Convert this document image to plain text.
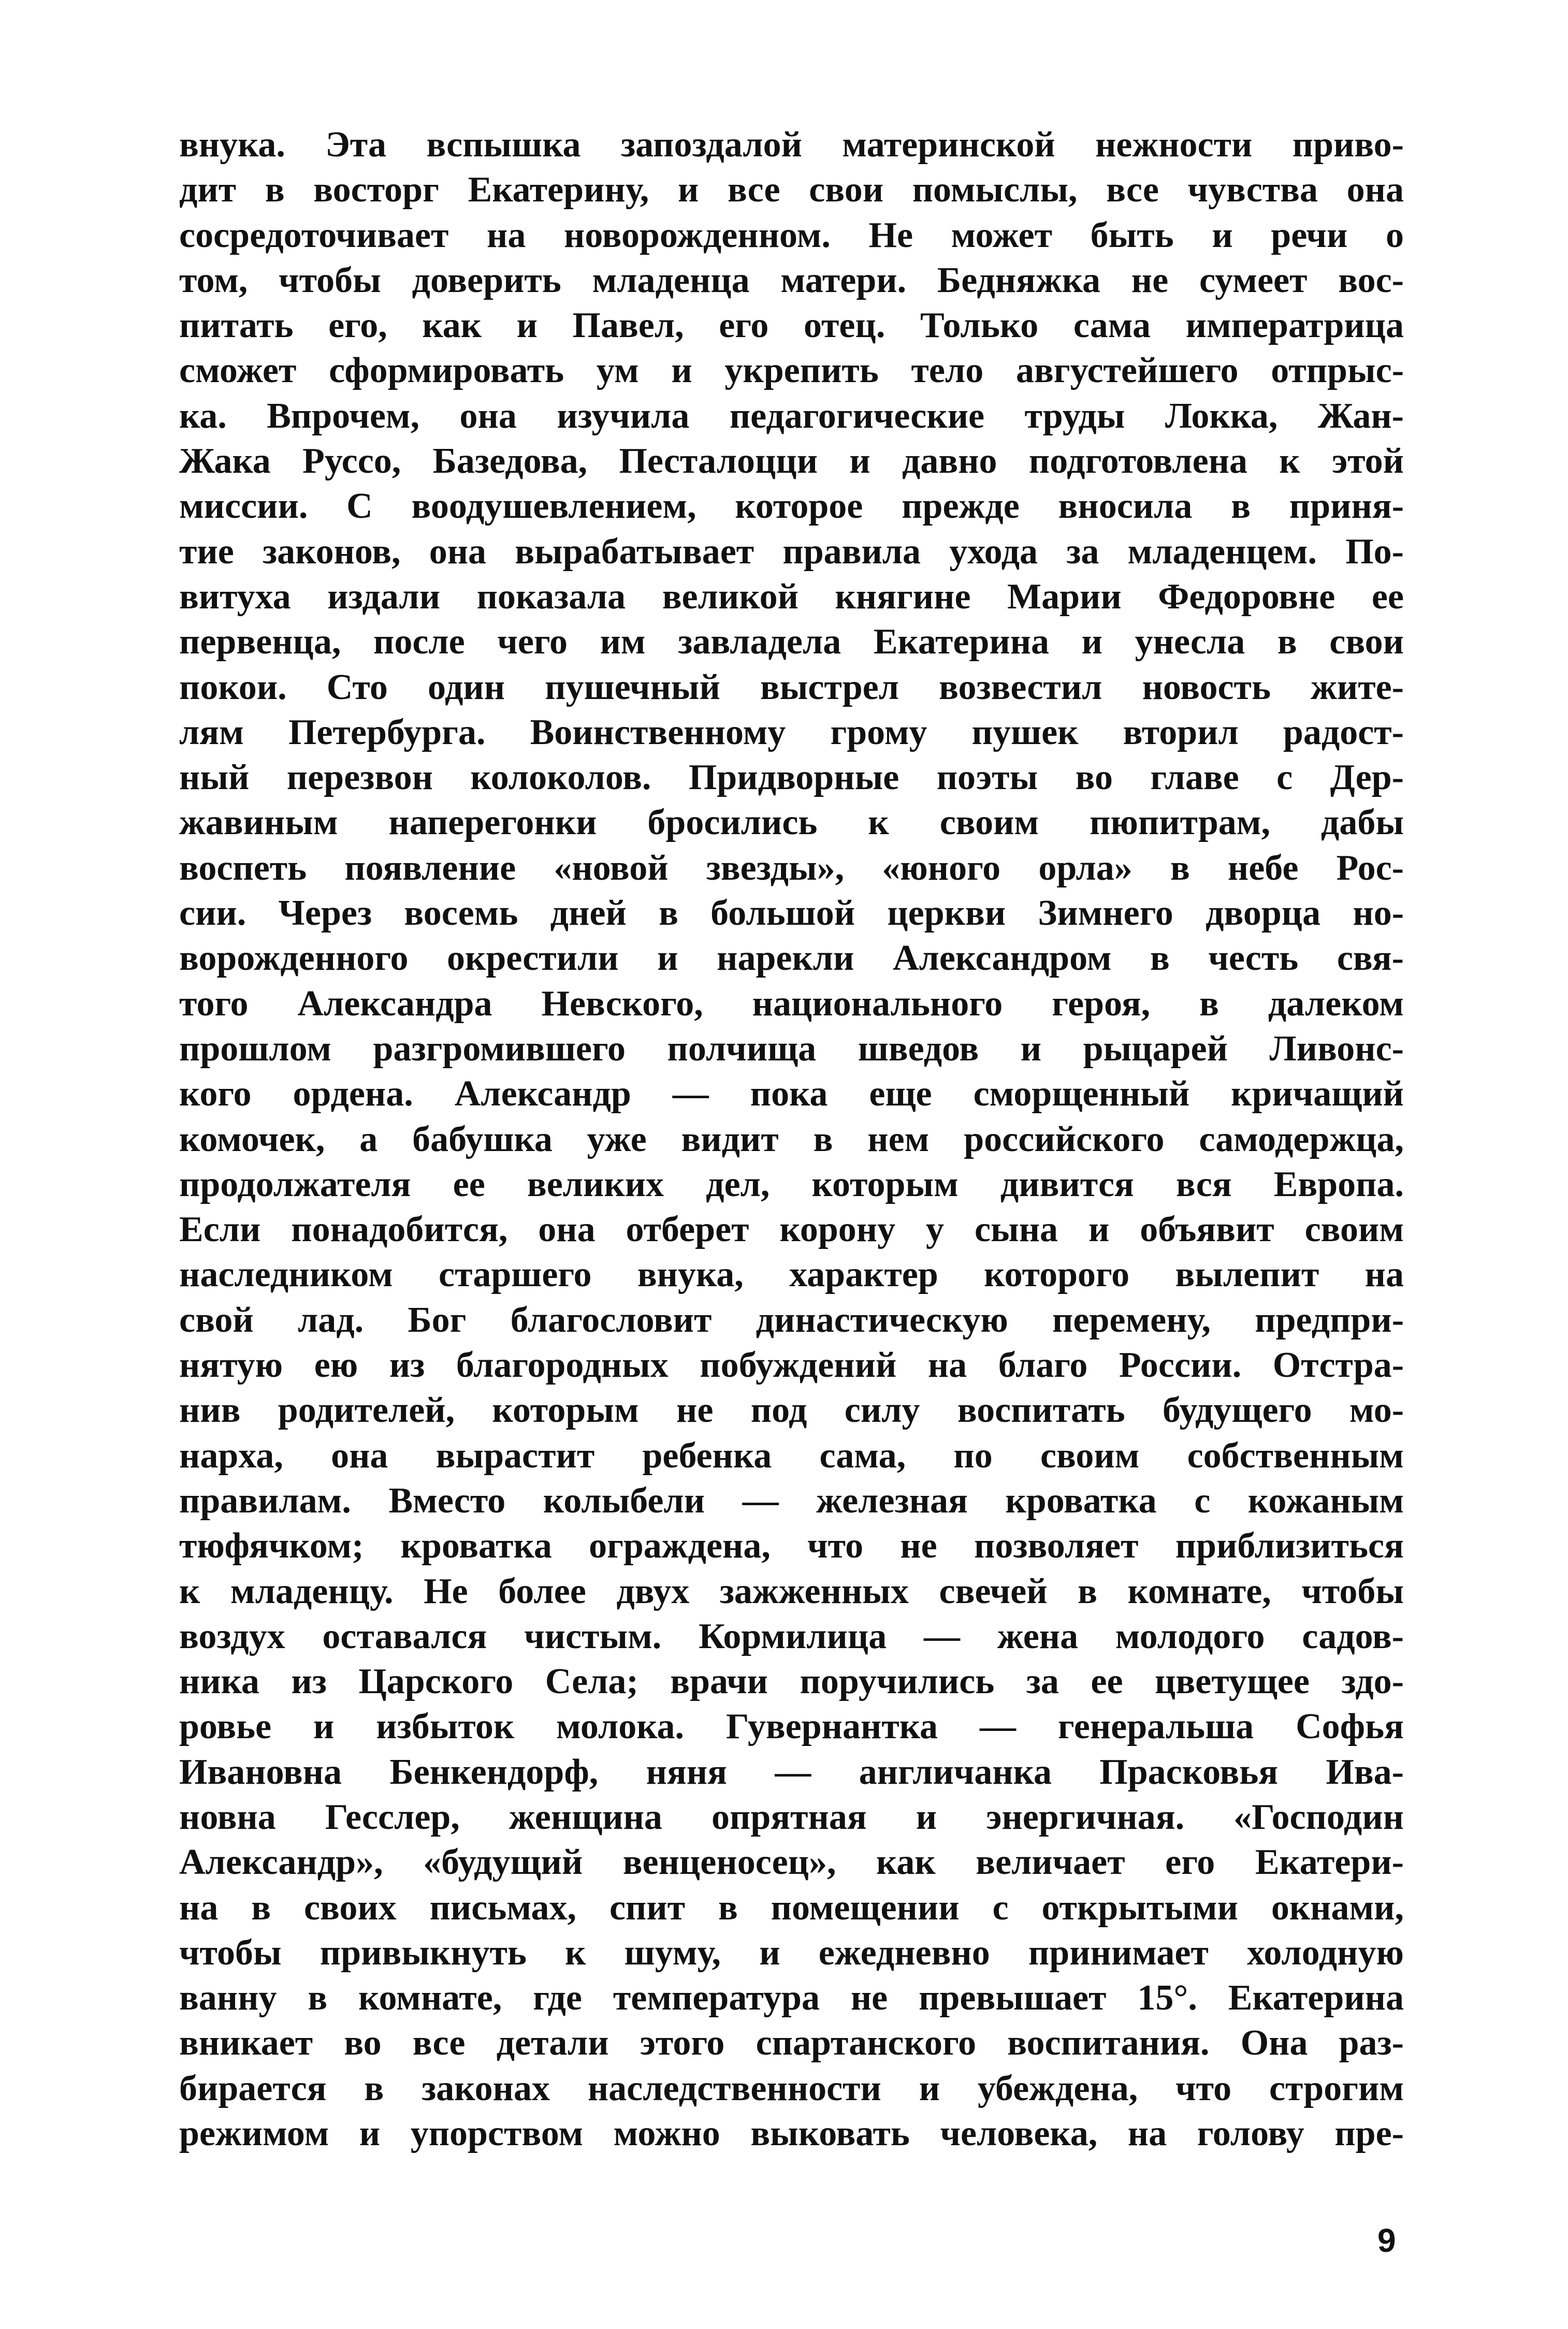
внука. Эта вспышка запоздалой материнской нежности приво-
дит в восторг Екатерину, и все свои помыслы, все чувства она
сосредоточивает на новорожденном. Не может быть и речи о
том, чтобы доверить младенца матери. Бедняжка не сумеет вос-
питать его, как и Павел, его отец. Только сама императрица
сможет сформировать ум и укрепить тело августейшего отпрыс-
ка. Впрочем, она изучила педагогические труды Локка, Жан-
Жака Руссо, Базедова, Песталоцци и давно подготовлена к этой
миссии. С воодушевлением, которое прежде вносила в приня-
тие законов, она вырабатывает правила ухода за младенцем. По-
витуха издали показала великой княгине Марии Федоровне ее
первенца, после чего им завладела Екатерина и унесла в свои
покои. Сто один пушечный выстрел возвестил новость жите-
лям Петербурга. Воинственному грому пушек вторил радост-
ный перезвон колоколов. Придворные поэты во главе с Дер-
жавиным наперегонки бросились к своим пюпитрам, дабы
воспеть появление «новой звезды», «юного орла» в небе Рос-
сии. Через восемь дней в большой церкви Зимнего дворца но-
ворожденного окрестили и нарекли Александром в честь свя-
того Александра Невского, национального героя, в далеком
прошлом разгромившего полчища шведов и рыцарей Ливонс-
кого ордена. Александр — пока еще сморщенный кричащий
комочек, а бабушка уже видит в нем российского самодержца,
продолжателя ее великих дел, которым дивится вся Европа.
Если понадобится, она отберет корону у сына и объявит своим
наследником старшего внука, характер которого вылепит на
свой лад. Бог благословит династическую перемену, предпри-
нятую ею из благородных побуждений на благо России. Отстра-
нив родителей, которым не под силу воспитать будущего мо-
нарха, она вырастит ребенка сама, по своим собственным
правилам. Вместо колыбели — железная кроватка с кожаным
тюфячком; кроватка ограждена, что не позволяет приблизиться
к младенцу. Не более двух зажженных свечей в комнате, чтобы
воздух оставался чистым. Кормилица — жена молодого садов-
ника из Царского Села; врачи поручились за ее цветущее здо-
ровье и избыток молока. Гувернантка — генеральша Софья
Ивановна Бенкендорф, няня — англичанка Прасковья Ива-
новна Гесслер, женщина опрятная и энергичная. «Господин
Александр», «будущий венценосец», как величает его Екатери-
на в своих письмах, спит в помещении с открытыми окнами,
чтобы привыкнуть к шуму, и ежедневно принимает холодную
ванну в комнате, где температура не превышает 15°. Екатерина
вникает во все детали этого спартанского воспитания. Она раз-
бирается в законах наследственности и убеждена, что строгим
режимом и упорством можно выковать человека, на голову пре-
9
